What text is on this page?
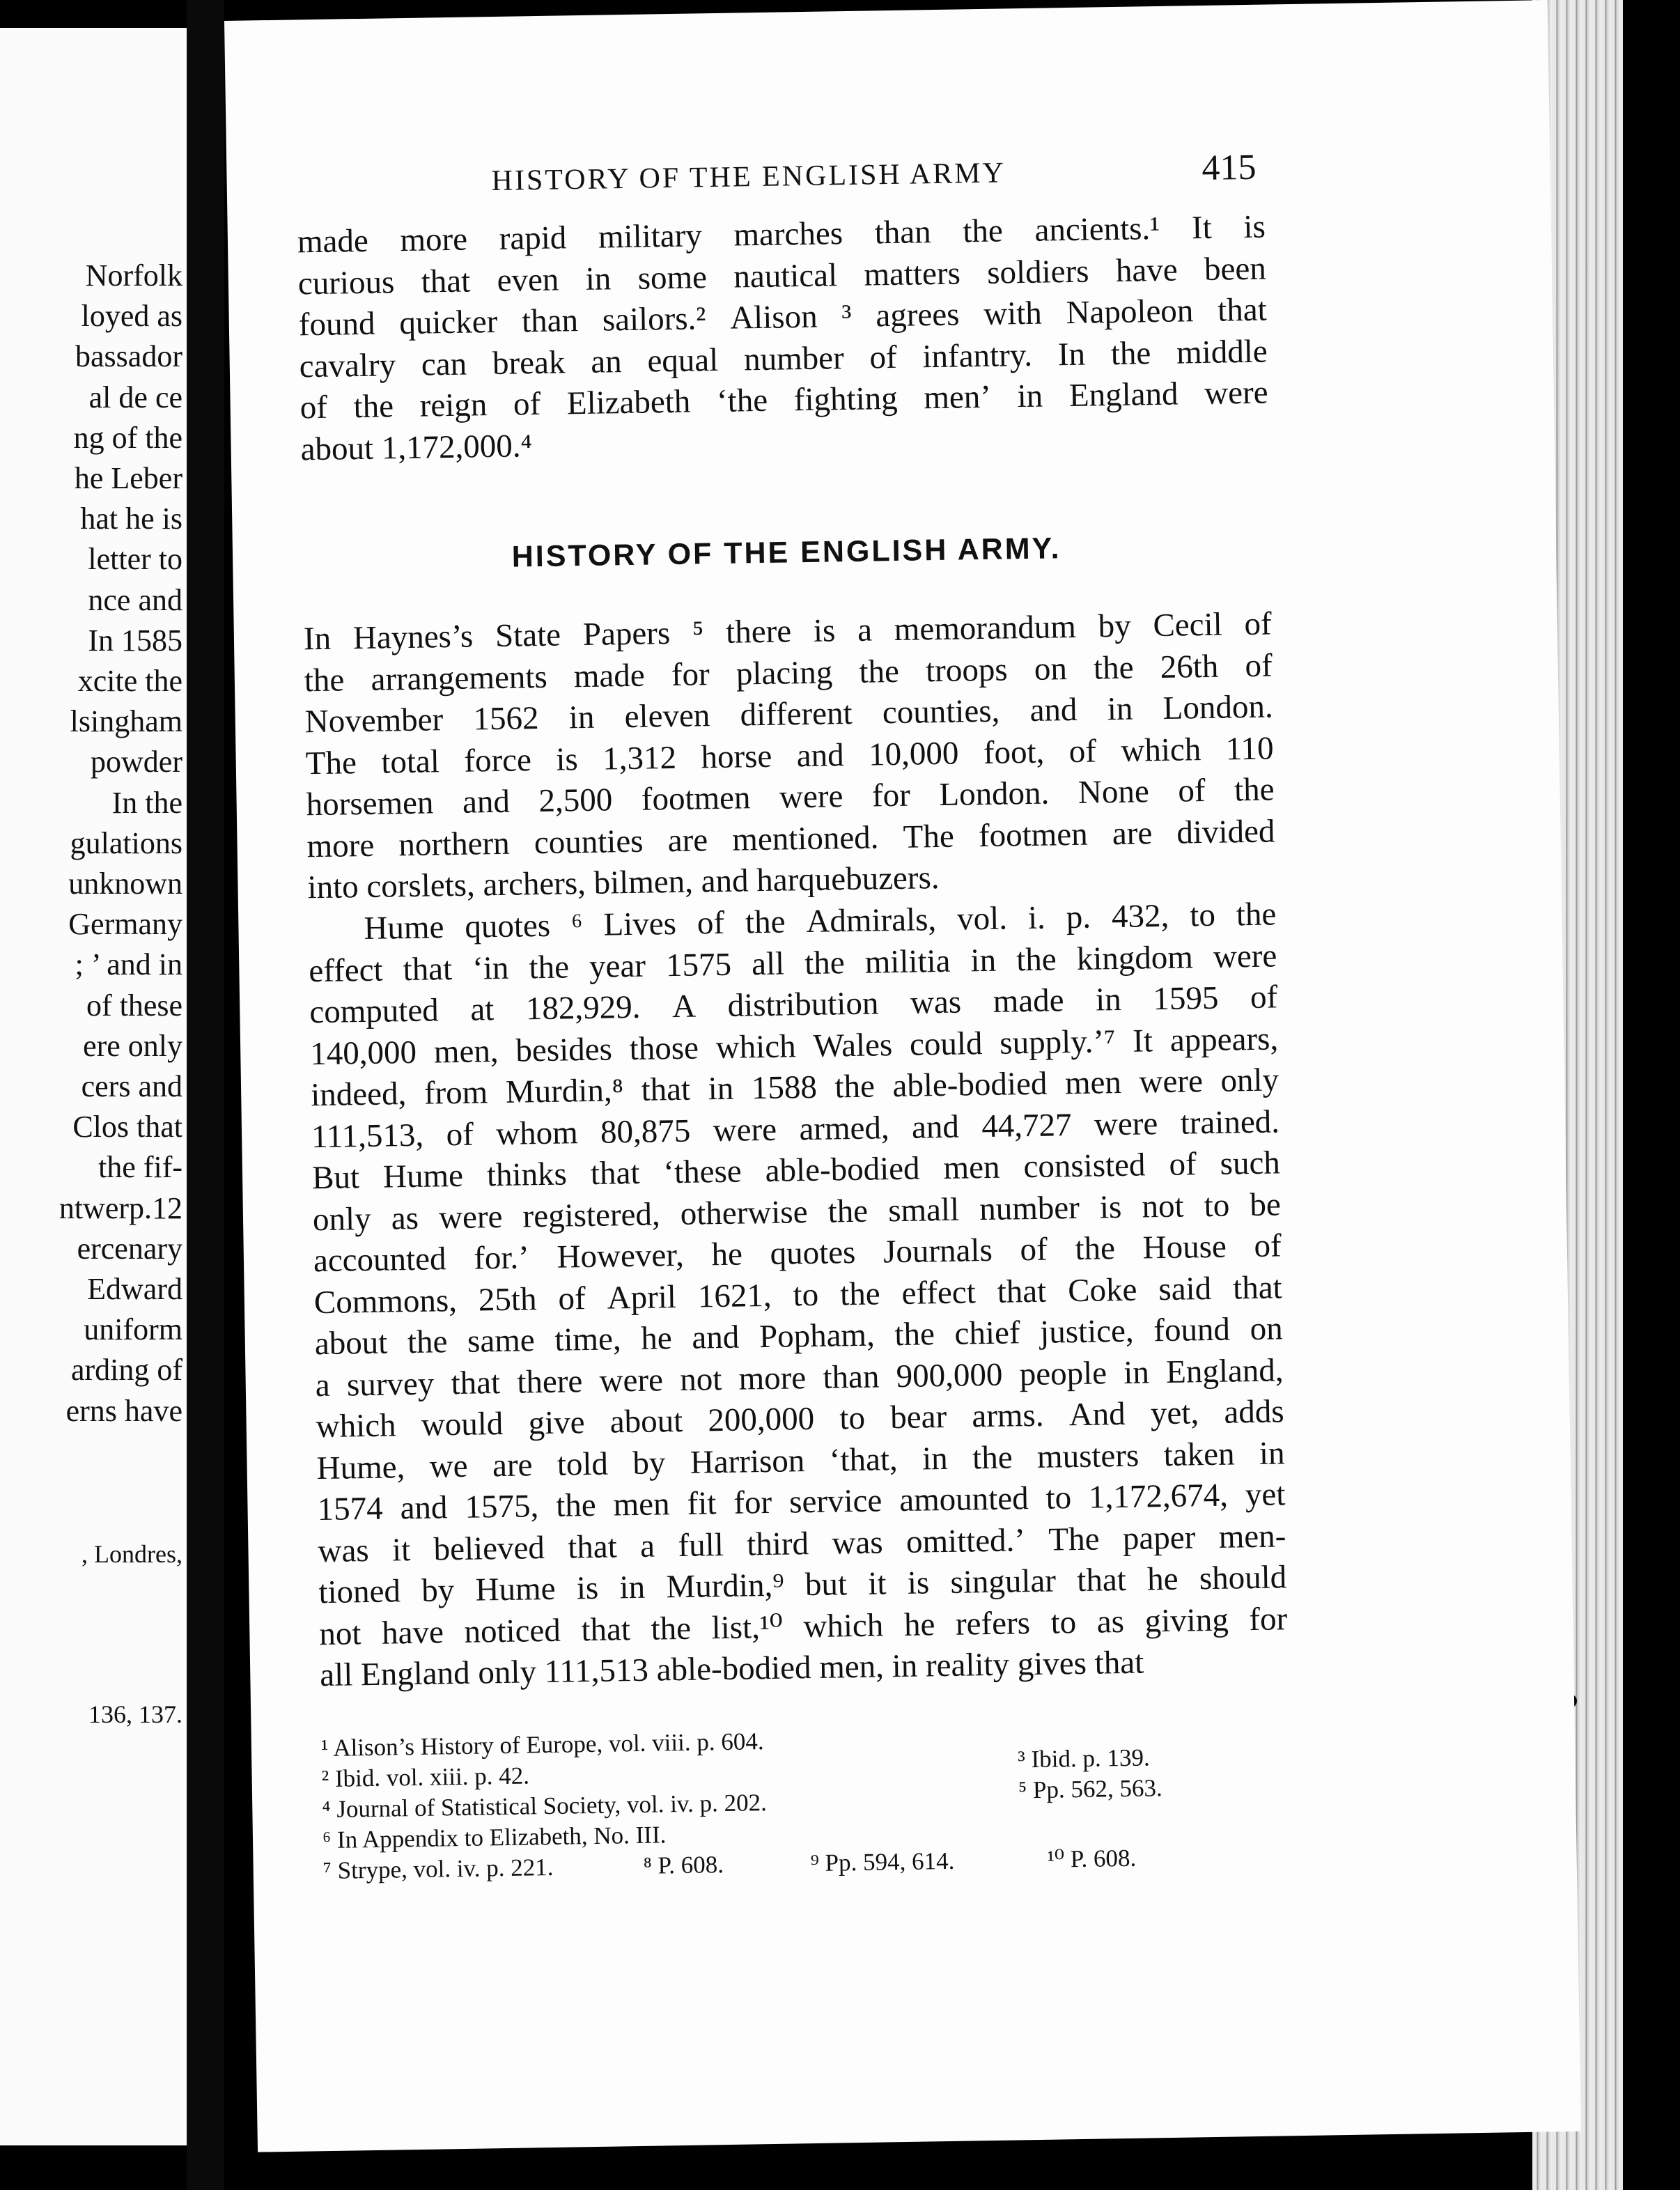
Norfolk
loyed as
bassador
al de ce
ng of the
he Leber
hat he is
letter to
nce and
In 1585
xcite the
lsingham
powder
In the
gulations
unknown
Germany
; ’ and in
of these
ere only
cers and
Clos that
the fif-
ntwerp.12
ercenary
Edward
uniform
arding of
erns have
, Londres,
136, 137.
HISTORY OF THE ENGLISH ARMY	415
made more rapid military marches than the ancients.¹ It is
curious that even in some nautical matters soldiers have been
found quicker than sailors.² Alison ³ agrees with Napoleon that
cavalry can break an equal number of infantry. In the middle
of the reign of Elizabeth ‘the fighting men’ in England were
about 1,172,000.⁴
HISTORY OF THE ENGLISH ARMY.
In Haynes’s State Papers ⁵ there is a memorandum by Cecil of
the arrangements made for placing the troops on the 26th of
November 1562 in eleven different counties, and in London.
The total force is 1,312 horse and 10,000 foot, of which 110
horsemen and 2,500 footmen were for London. None of the
more northern counties are mentioned. The footmen are divided
into corslets, archers, bilmen, and harquebuzers.
Hume quotes ⁶ Lives of the Admirals, vol. i. p. 432, to the
effect that ‘in the year 1575 all the militia in the kingdom were
computed at 182,929. A distribution was made in 1595 of
140,000 men, besides those which Wales could supply.’⁷ It appears,
indeed, from Murdin,⁸ that in 1588 the able-bodied men were only
111,513, of whom 80,875 were armed, and 44,727 were trained.
But Hume thinks that ‘these able-bodied men consisted of such
only as were registered, otherwise the small number is not to be
accounted for.’ However, he quotes Journals of the House of
Commons, 25th of April 1621, to the effect that Coke said that
about the same time, he and Popham, the chief justice, found on
a survey that there were not more than 900,000 people in England,
which would give about 200,000 to bear arms. And yet, adds
Hume, we are told by Harrison ‘that, in the musters taken in
1574 and 1575, the men fit for service amounted to 1,172,674, yet
was it believed that a full third was omitted.’ The paper men-
tioned by Hume is in Murdin,⁹ but it is singular that he should
not have noticed that the list,¹⁰ which he refers to as giving for
all England only 111,513 able-bodied men, in reality gives that
¹ Alison’s History of Europe, vol. viii. p. 604.
² Ibid. vol. xiii. p. 42.
³ Ibid. p. 139.
⁴ Journal of Statistical Society, vol. iv. p. 202.	⁵ Pp. 562, 563.
⁶ In Appendix to Elizabeth, No. III.
⁷ Strype, vol. iv. p. 221.	⁸ P. 608.	⁹ Pp. 594, 614.	¹⁰ P. 608.
